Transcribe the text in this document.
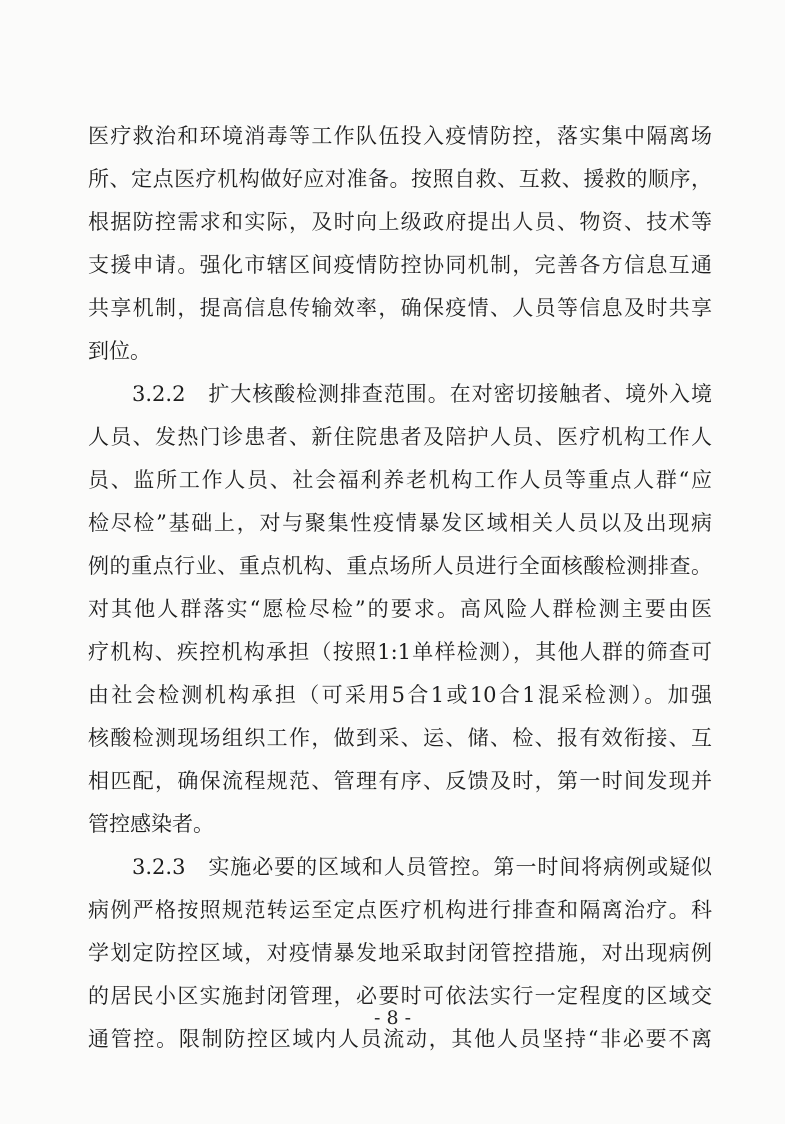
医疗救治和环境消毒等工作队伍投入疫情防控，落实集中隔离场
所、定点医疗机构做好应对准备。按照自救、互救、援救的顺序，
根据防控需求和实际，及时向上级政府提出人员、物资、技术等
支援申请。强化市辖区间疫情防控协同机制，完善各方信息互通
共享机制，提高信息传输效率，确保疫情、人员等信息及时共享
到位。
3.2.2　扩大核酸检测排查范围。在对密切接触者、境外入境
人员、发热门诊患者、新住院患者及陪护人员、医疗机构工作人
员、监所工作人员、社会福利养老机构工作人员等重点人群“应
检尽检”基础上，对与聚集性疫情暴发区域相关人员以及出现病
例的重点行业、重点机构、重点场所人员进行全面核酸检测排查。
对其他人群落实“愿检尽检”的要求。高风险人群检测主要由医
疗机构、疾控机构承担（按照1:1单样检测），其他人群的筛查可
由社会检测机构承担（可采用5合1或10合1混采检测）。加强
核酸检测现场组织工作，做到采、运、储、检、报有效衔接、互
相匹配，确保流程规范、管理有序、反馈及时，第一时间发现并
管控感染者。
3.2.3　实施必要的区域和人员管控。第一时间将病例或疑似
病例严格按照规范转运至定点医疗机构进行排查和隔离治疗。科
学划定防控区域，对疫情暴发地采取封闭管控措施，对出现病例
的居民小区实施封闭管理，必要时可依法实行一定程度的区域交
通管控。限制防控区域内人员流动，其他人员坚持“非必要不离
- 8 -
